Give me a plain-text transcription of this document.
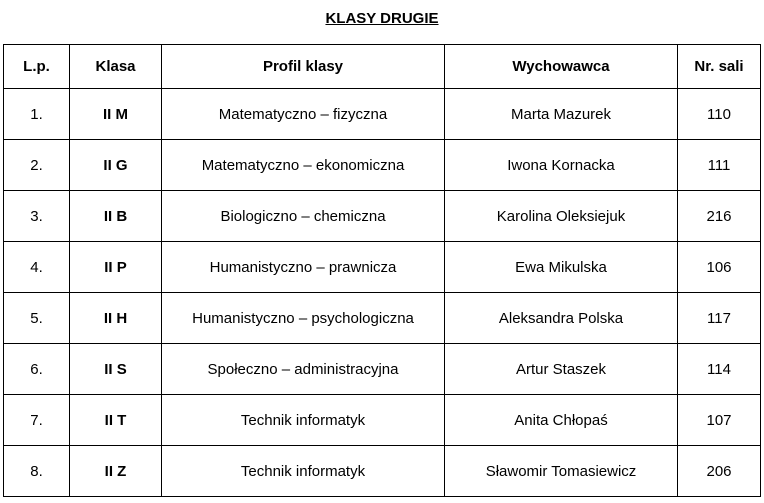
KLASY DRUGIE
L.p.	Klasa	Profil klasy	Wychowawca	Nr. sali
1.	II M	Matematyczno – fizyczna	Marta Mazurek	110
2.	II G	Matematyczno – ekonomiczna	Iwona Kornacka	111
3.	II B	Biologiczno – chemiczna	Karolina Oleksiejuk	216
4.	II P	Humanistyczno – prawnicza	Ewa Mikulska	106
5.	II H	Humanistyczno – psychologiczna	Aleksandra Polska	117
6.	II S	Społeczno – administracyjna	Artur Staszek	114
7.	II T	Technik informatyk	Anita Chłopaś	107
8.	II Z	Technik informatyk	Sławomir Tomasiewicz	206
